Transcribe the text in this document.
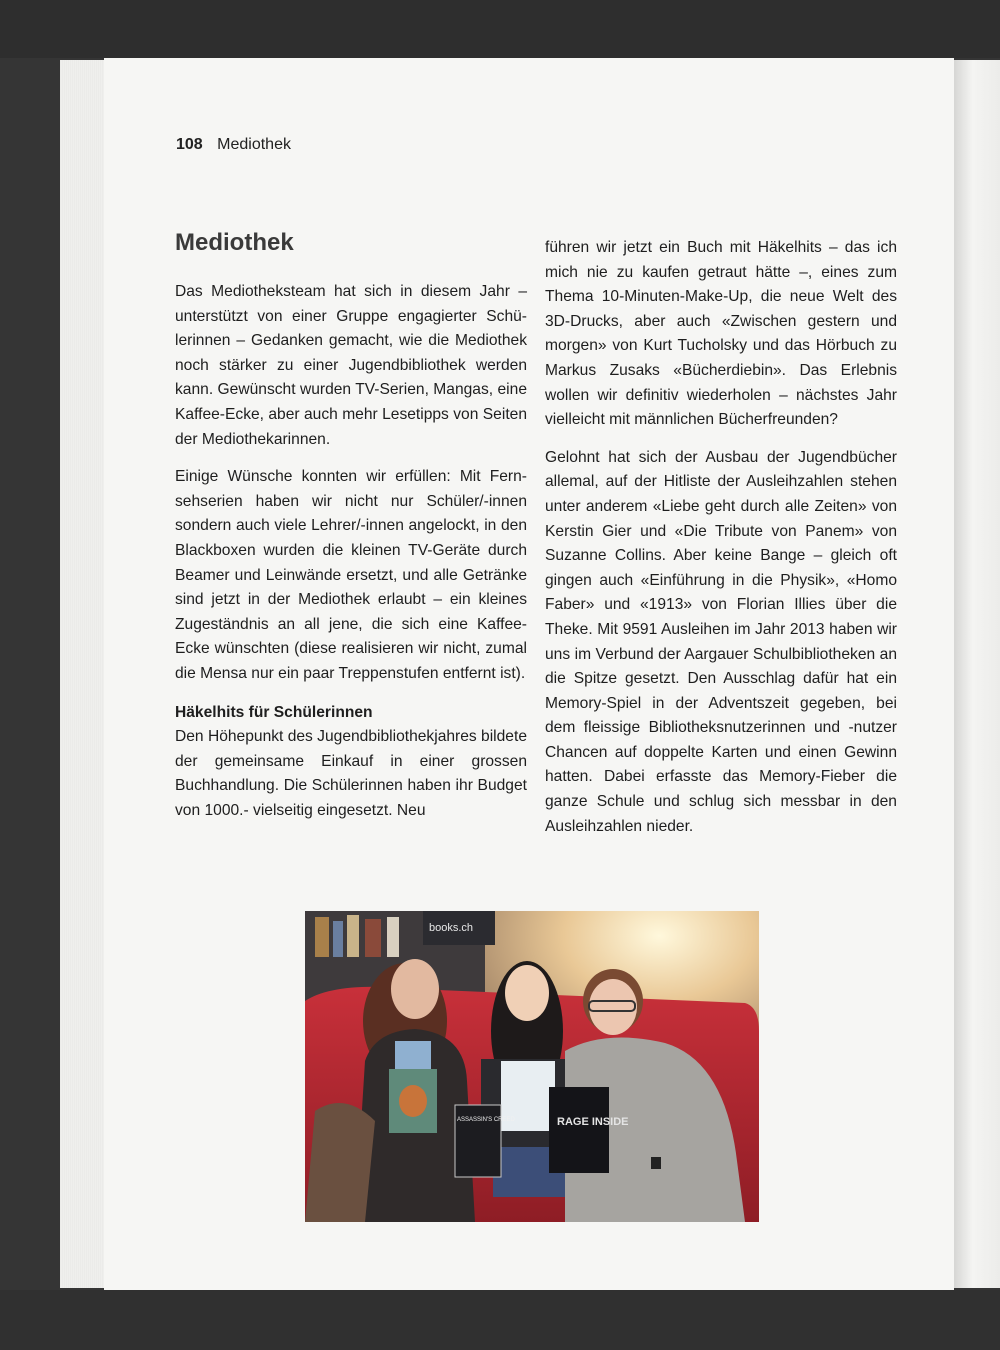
108 Mediothek
Mediothek

Das Mediotheksteam hat sich in diesem Jahr – unterstützt von einer Gruppe engagierter Schülerinnen – Gedanken gemacht, wie die Mediothek noch stärker zu einer Jugendbibliothek werden kann. Gewünscht wurden TV-Serien, Mangas, eine Kaffee-Ecke, aber auch mehr Lesetipps von Seiten der Mediothekarinnen.

Einige Wünsche konnten wir erfüllen: Mit Fernsehserien haben wir nicht nur Schüler/-innen sondern auch viele Lehrer/-innen angelockt, in den Blackboxen wurden die kleinen TV-Geräte durch Beamer und Leinwände ersetzt, und alle Getränke sind jetzt in der Mediothek erlaubt – ein kleines Zugeständnis an all jene, die sich eine Kaffee-Ecke wünschten (diese realisieren wir nicht, zumal die Mensa nur ein paar Treppenstufen entfernt ist).

Häkelhits für Schülerinnen

Den Höhepunkt des Jugendbibliothekjahres bildete der gemeinsame Einkauf in einer grossen Buchhandlung. Die Schülerinnen haben ihr Budget von 1000.- vielseitig eingesetzt. Neu

führen wir jetzt ein Buch mit Häkelhits – das ich mich nie zu kaufen getraut hätte –, eines zum Thema 10-Minuten-Make-Up, die neue Welt des 3D-Drucks, aber auch «Zwischen gestern und morgen» von Kurt Tucholsky und das Hörbuch zu Markus Zusaks «Bücherdiebin». Das Erlebnis wollen wir definitiv wiederholen – nächstes Jahr vielleicht mit männlichen Bücherfreunden?

Gelohnt hat sich der Ausbau der Jugendbücher allemal, auf der Hitliste der Ausleihzahlen stehen unter anderem «Liebe geht durch alle Zeiten» von Kerstin Gier und «Die Tribute von Panem» von Suzanne Collins. Aber keine Bange – gleich oft gingen auch «Einführung in die Physik», «Homo Faber» und «1913» von Florian Illies über die Theke. Mit 9591 Ausleihen im Jahr 2013 haben wir uns im Verbund der Aargauer Schulbibliotheken an die Spitze gesetzt. Den Ausschlag dafür hat ein Memory-Spiel in der Adventszeit gegeben, bei dem fleissige Bibliotheksnutzerinnen und -nutzer Chancen auf doppelte Karten und einen Gewinn hatten. Dabei erfasste das Memory-Fieber die ganze Schule und schlug sich messbar in den Ausleihzahlen nieder.

books.ch
ASSASSIN'S CREED	RAGE INSIDE
